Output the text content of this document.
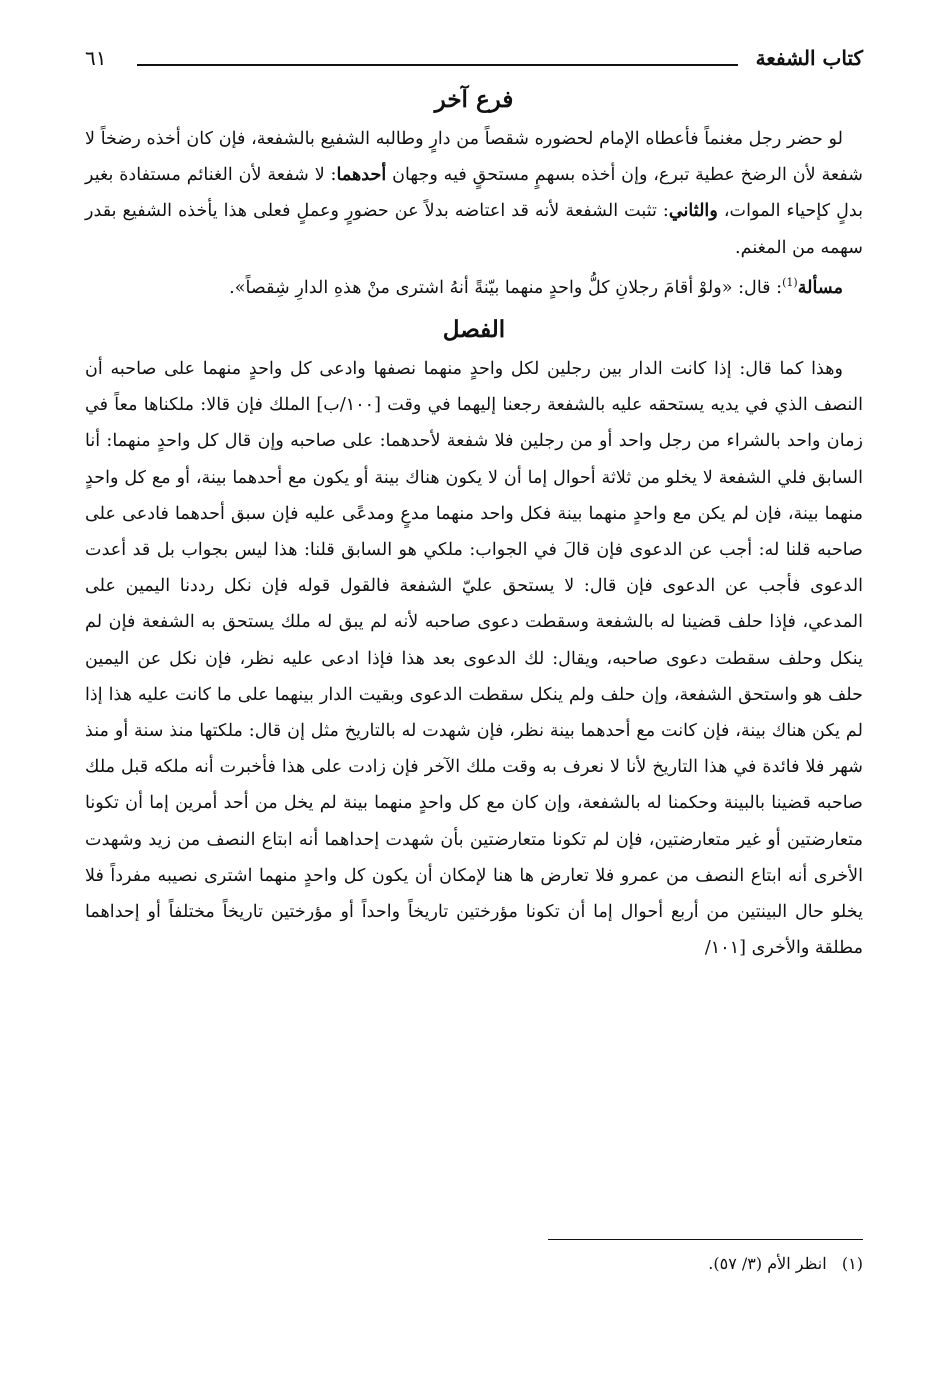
كتاب الشفعة
٦١
فرع آخر

لو حضر رجل مغنماً فأعطاه الإمام لحضوره شقصاً من دارٍ وطالبه الشفيع بالشفعة، فإن كان أخذه رضخاً لا شفعة لأن الرضخ عطية تبرع، وإن أخذه بسهمٍ مستحقٍ فيه وجهان أحدهما: لا شفعة لأن الغنائم مستفادة بغير بدلٍ كإحياء الموات، والثاني: تثبت الشفعة لأنه قد اعتاضه بدلاً عن حضورٍ وعملٍ فعلى هذا يأخذه الشفيع بقدر سهمه من المغنم.

مسألة$^{(1)}$: قال: «ولوْ أقامَ رجلانِ كلُّ واحدٍ منهما بيّنةً أنهُ اشترى منْ هذهِ الدارِ شِقصاً».

الفصل

وهذا كما قال: إذا كانت الدار بين رجلين لكل واحدٍ منهما نصفها وادعى كل واحدٍ منهما على صاحبه أن النصف الذي في يديه يستحقه عليه بالشفعة رجعنا إليهما في وقت [١٠٠/ب] الملك فإن قالا: ملكناها معاً في زمان واحد بالشراء من رجل واحد أو من رجلين فلا شفعة لأحدهما: على صاحبه وإن قال كل واحدٍ منهما: أنا السابق فلي الشفعة لا يخلو من ثلاثة أحوال إما أن لا يكون هناك بينة أو يكون مع أحدهما بينة، أو مع كل واحدٍ منهما بينة، فإن لم يكن مع واحدٍ منهما بينة فكل واحد منهما مدعٍ ومدعًى عليه فإن سبق أحدهما فادعى على صاحبه قلنا له: أجب عن الدعوى فإن قالَ في الجواب: ملكي هو السابق قلنا: هذا ليس بجواب بل قد أعدت الدعوى فأجب عن الدعوى فإن قال: لا يستحق عليّ الشفعة فالقول قوله فإن نكل رددنا اليمين على المدعي، فإذا حلف قضينا له بالشفعة وسقطت دعوى صاحبه لأنه لم يبق له ملك يستحق به الشفعة فإن لم ينكل وحلف سقطت دعوى صاحبه، ويقال: لك الدعوى بعد هذا فإذا ادعى عليه نظر، فإن نكل عن اليمين حلف هو واستحق الشفعة، وإن حلف ولم ينكل سقطت الدعوى وبقيت الدار بينهما على ما كانت عليه هذا إذا لم يكن هناك بينة، فإن كانت مع أحدهما بينة نظر، فإن شهدت له بالتاريخ مثل إن قال: ملكتها منذ سنة أو منذ شهر فلا فائدة في هذا التاريخ لأنا لا نعرف به وقت ملك الآخر فإن زادت على هذا فأخبرت أنه ملكه قبل ملك صاحبه قضينا بالبينة وحكمنا له بالشفعة، وإن كان مع كل واحدٍ منهما بينة لم يخل من أحد أمرين إما أن تكونا متعارضتين أو غير متعارضتين، فإن لم تكونا متعارضتين بأن شهدت إحداهما أنه ابتاع النصف من زيد وشهدت الأخرى أنه ابتاع النصف من عمرو فلا تعارض ها هنا لإمكان أن يكون كل واحدٍ منهما اشترى نصيبه مفرداً فلا يخلو حال البينتين من أربع أحوال إما أن تكونا مؤرختين تاريخاً واحداً أو مؤرختين تاريخاً مختلفاً أو إحداهما مطلقة والأخرى [١٠١/

(١)   انظر الأم (٣/ ٥٧).
